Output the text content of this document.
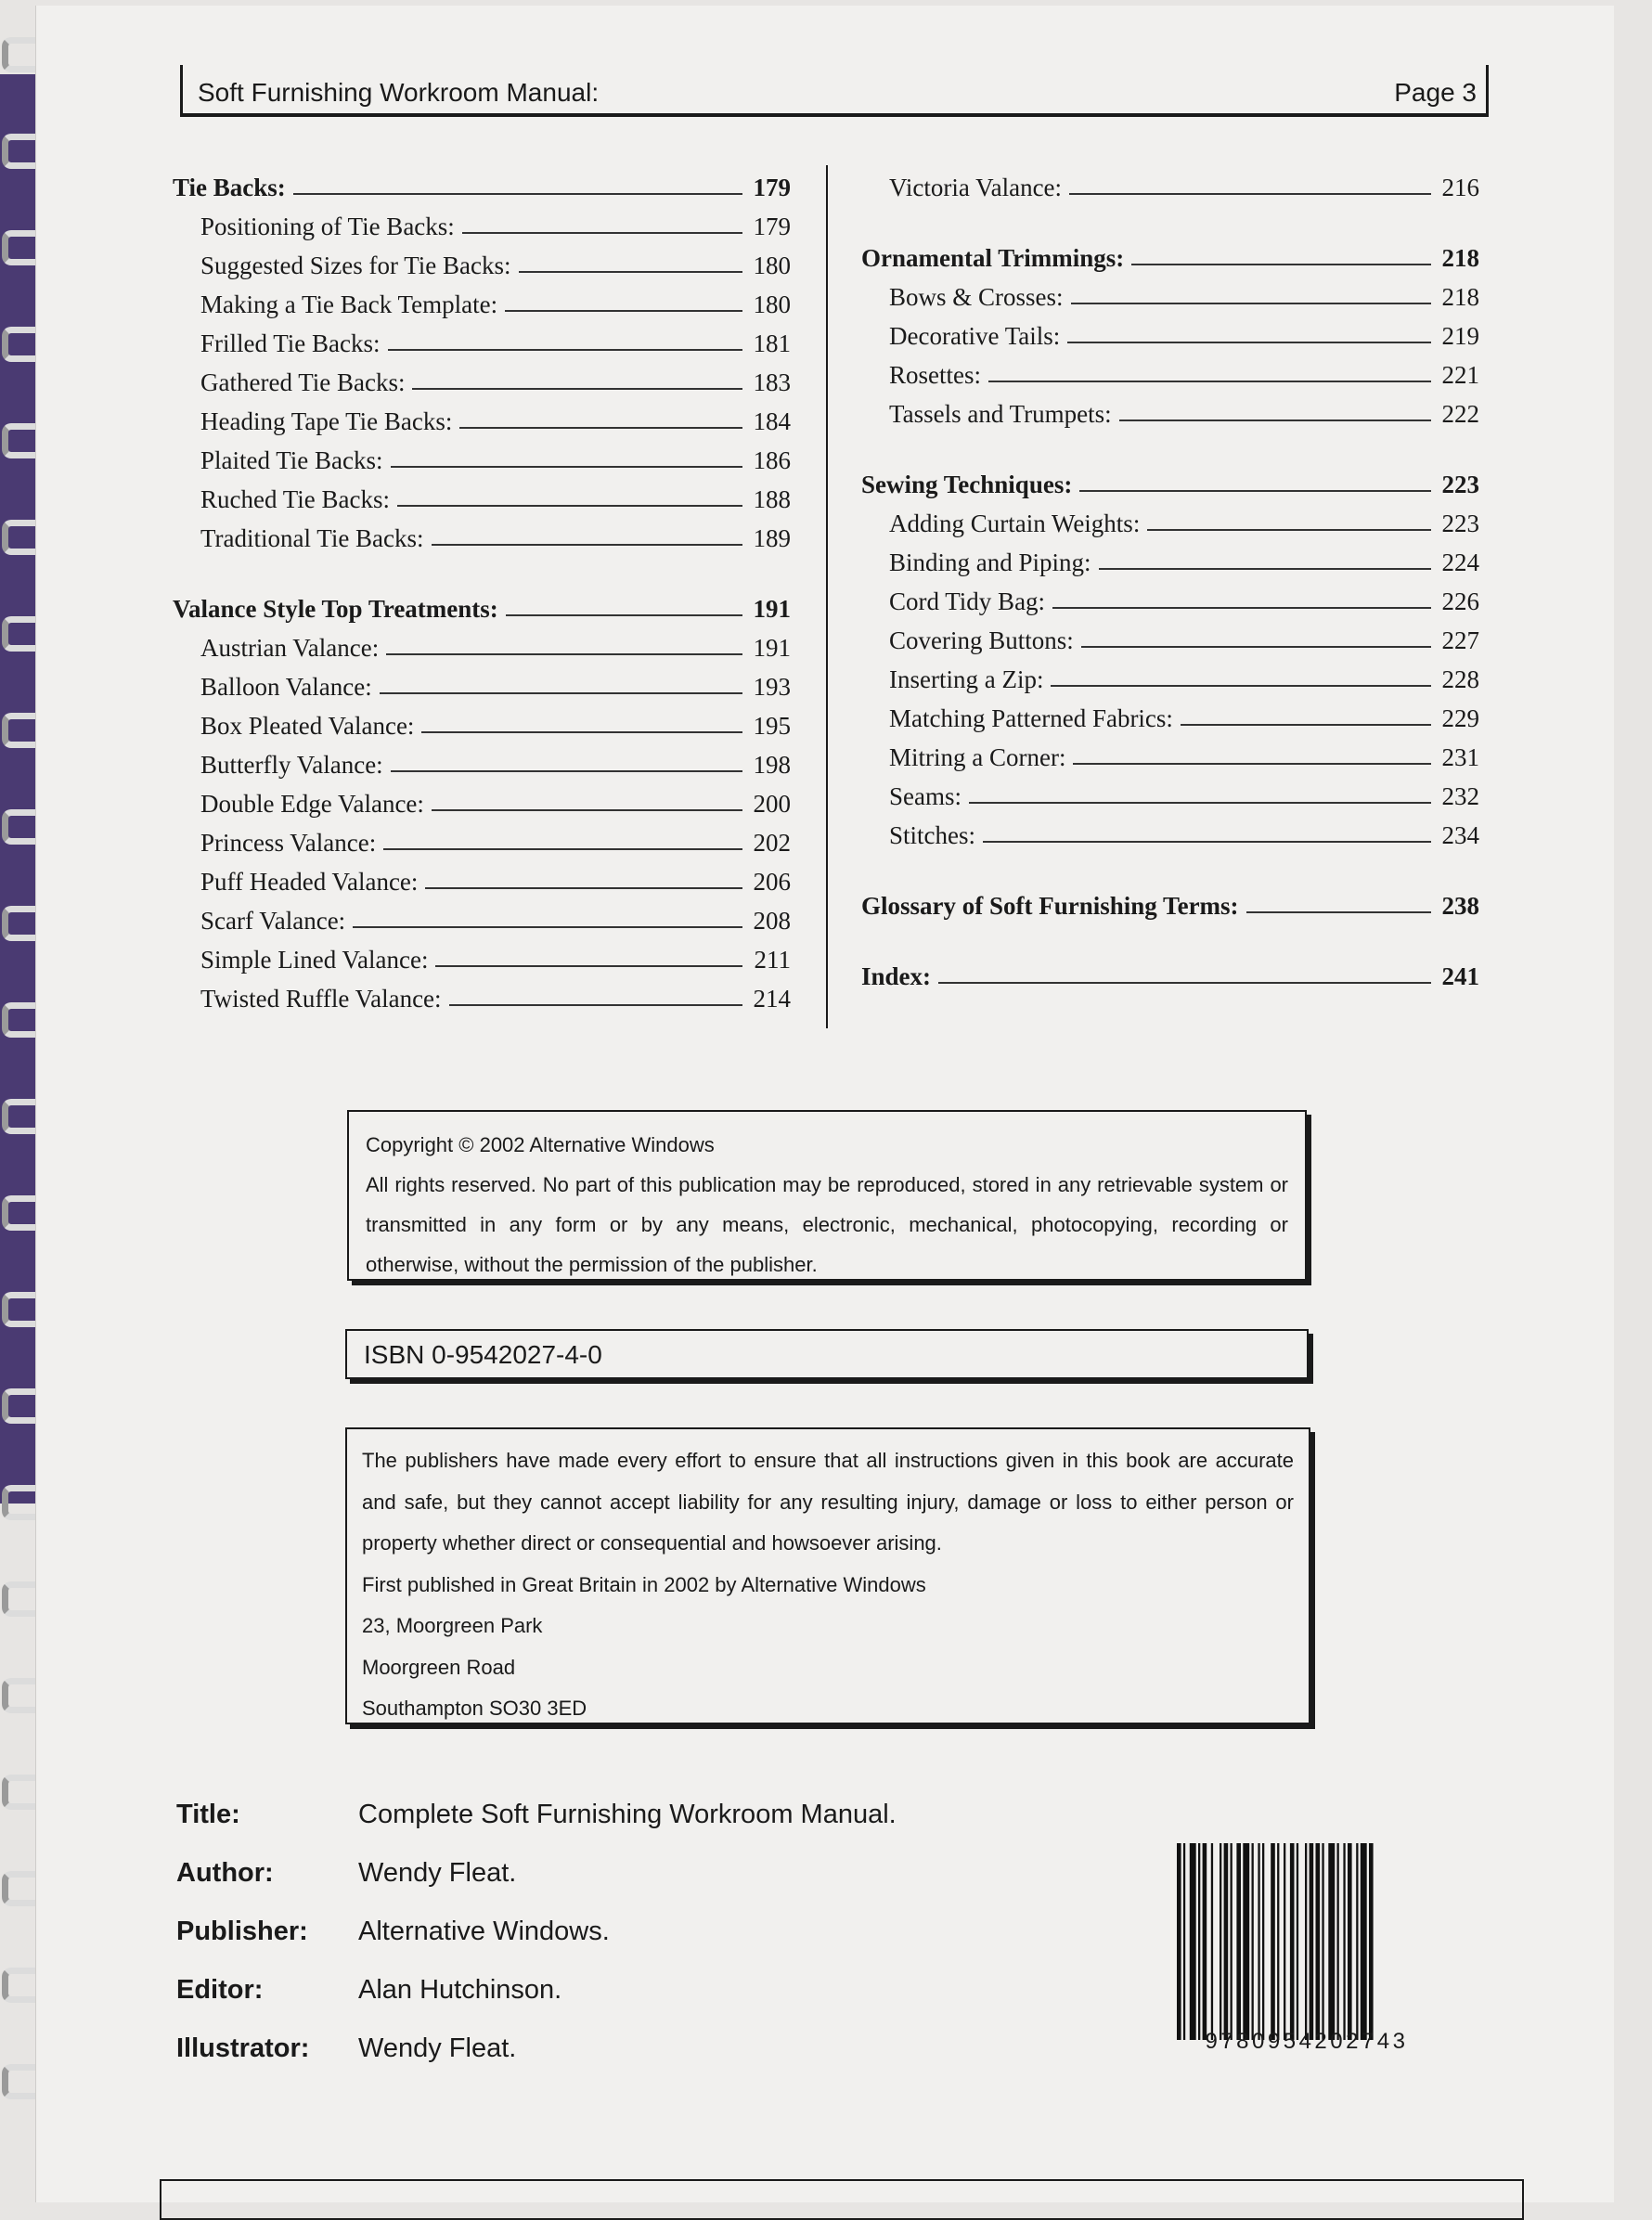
Soft Furnishing Workroom Manual:	Page 3
Tie Backs:	179
Positioning of Tie Backs:	179
Suggested Sizes for Tie Backs:	180
Making a Tie Back Template:	180
Frilled Tie Backs:	181
Gathered Tie Backs:	183
Heading Tape Tie Backs:	184
Plaited Tie Backs:	186
Ruched Tie Backs:	188
Traditional Tie Backs:	189
Valance Style Top Treatments:	191
Austrian Valance:	191
Balloon Valance:	193
Box Pleated Valance:	195
Butterfly Valance:	198
Double Edge Valance:	200
Princess Valance:	202
Puff Headed Valance:	206
Scarf Valance:	208
Simple Lined Valance:	211
Twisted Ruffle Valance:	214
Victoria Valance:	216
Ornamental Trimmings:	218
Bows & Crosses:	218
Decorative Tails:	219
Rosettes:	221
Tassels and Trumpets:	222
Sewing Techniques:	223
Adding Curtain Weights:	223
Binding and Piping:	224
Cord Tidy Bag:	226
Covering Buttons:	227
Inserting a Zip:	228
Matching Patterned Fabrics:	229
Mitring a Corner:	231
Seams:	232
Stitches:	234
Glossary of Soft Furnishing Terms:	238
Index:	241
Copyright © 2002 Alternative Windows
All rights reserved. No part of this publication may be reproduced, stored in any retrievable system or transmitted in any form or by any means, electronic, mechanical, photocopying, recording or otherwise, without the permission of the publisher.
ISBN 0-9542027-4-0
The publishers have made every effort to ensure that all instructions given in this book are accurate and safe, but they cannot accept liability for any resulting injury, damage or loss to either person or property whether direct or consequential and howsoever arising.
First published in Great Britain in 2002 by Alternative Windows
23, Moorgreen Park
Moorgreen Road
Southampton SO30 3ED
Title:	Complete Soft Furnishing Workroom Manual.
Author:	Wendy Fleat.
Publisher:	Alternative Windows.
Editor:	Alan Hutchinson.
Illustrator:	Wendy Fleat.	9780954202743
